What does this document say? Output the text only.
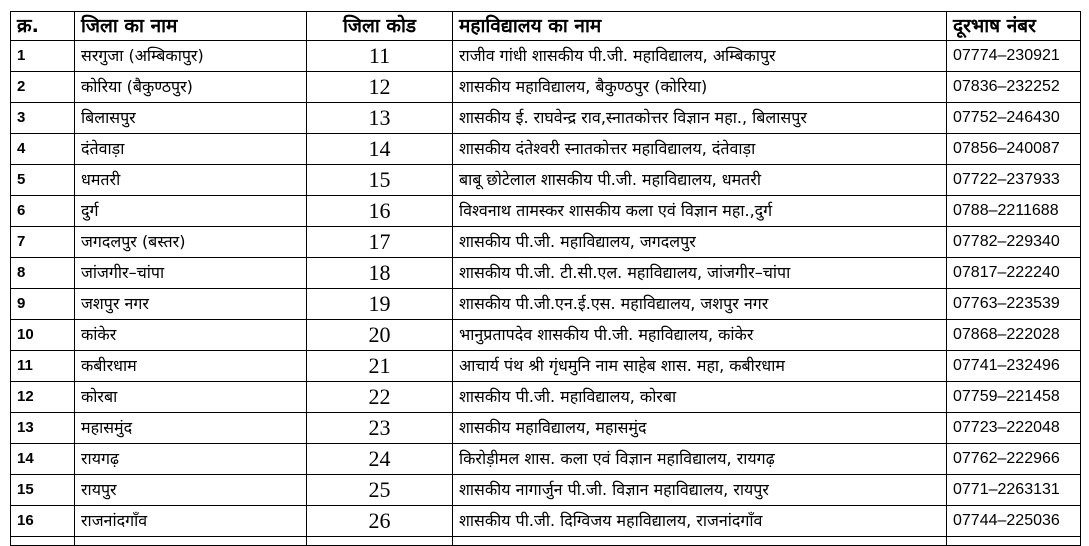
क्र.	जिला का नाम	जिला कोड	महाविद्यालय का नाम	दूरभाष नंबर
1	सरगुजा (अम्बिकापुर)	11	राजीव गांधी शासकीय पी.जी. महाविद्यालय, अम्बिकापुर	07774–230921
2	कोरिया (बैकुण्ठपुर)	12	शासकीय महाविद्यालय, बैकुण्ठपुर (कोरिया)	07836–232252
3	बिलासपुर	13	शासकीय ई. राघवेन्द्र राव,स्नातकोत्तर विज्ञान महा., बिलासपुर	07752–246430
4	दंतेवाड़ा	14	शासकीय दंतेश्वरी स्नातकोत्तर महाविद्यालय, दंतेवाड़ा	07856–240087
5	धमतरी	15	बाबू छोटेलाल शासकीय पी.जी. महाविद्यालय, धमतरी	07722–237933
6	दुर्ग	16	विश्वनाथ तामस्कर शासकीय कला एवं विज्ञान महा.,दुर्ग	0788–2211688
7	जगदलपुर (बस्तर)	17	शासकीय पी.जी. महाविद्यालय, जगदलपुर	07782–229340
8	जांजगीर–चांपा	18	शासकीय पी.जी. टी.सी.एल. महाविद्यालय, जांजगीर–चांपा	07817–222240
9	जशपुर नगर	19	शासकीय पी.जी.एन.ई.एस. महाविद्यालय, जशपुर नगर	07763–223539
10	कांकेर	20	भानुप्रतापदेव शासकीय पी.जी. महाविद्यालय, कांकेर	07868–222028
11	कबीरधाम	21	आचार्य पंथ श्री गृंधमुनि नाम साहेब शास. महा, कबीरधाम	07741–232496
12	कोरबा	22	शासकीय पी.जी. महाविद्यालय, कोरबा	07759–221458
13	महासमुंद	23	शासकीय महाविद्यालय, महासमुंद	07723–222048
14	रायगढ़	24	किरोड़ीमल शास. कला एवं विज्ञान महाविद्यालय, रायगढ़	07762–222966
15	रायपुर	25	शासकीय नागार्जुन पी.जी. विज्ञान महाविद्यालय, रायपुर	0771–2263131
16	राजनांदगाँव	26	शासकीय पी.जी. दिग्विजय महाविद्यालय, राजनांदगाँव	07744–225036
